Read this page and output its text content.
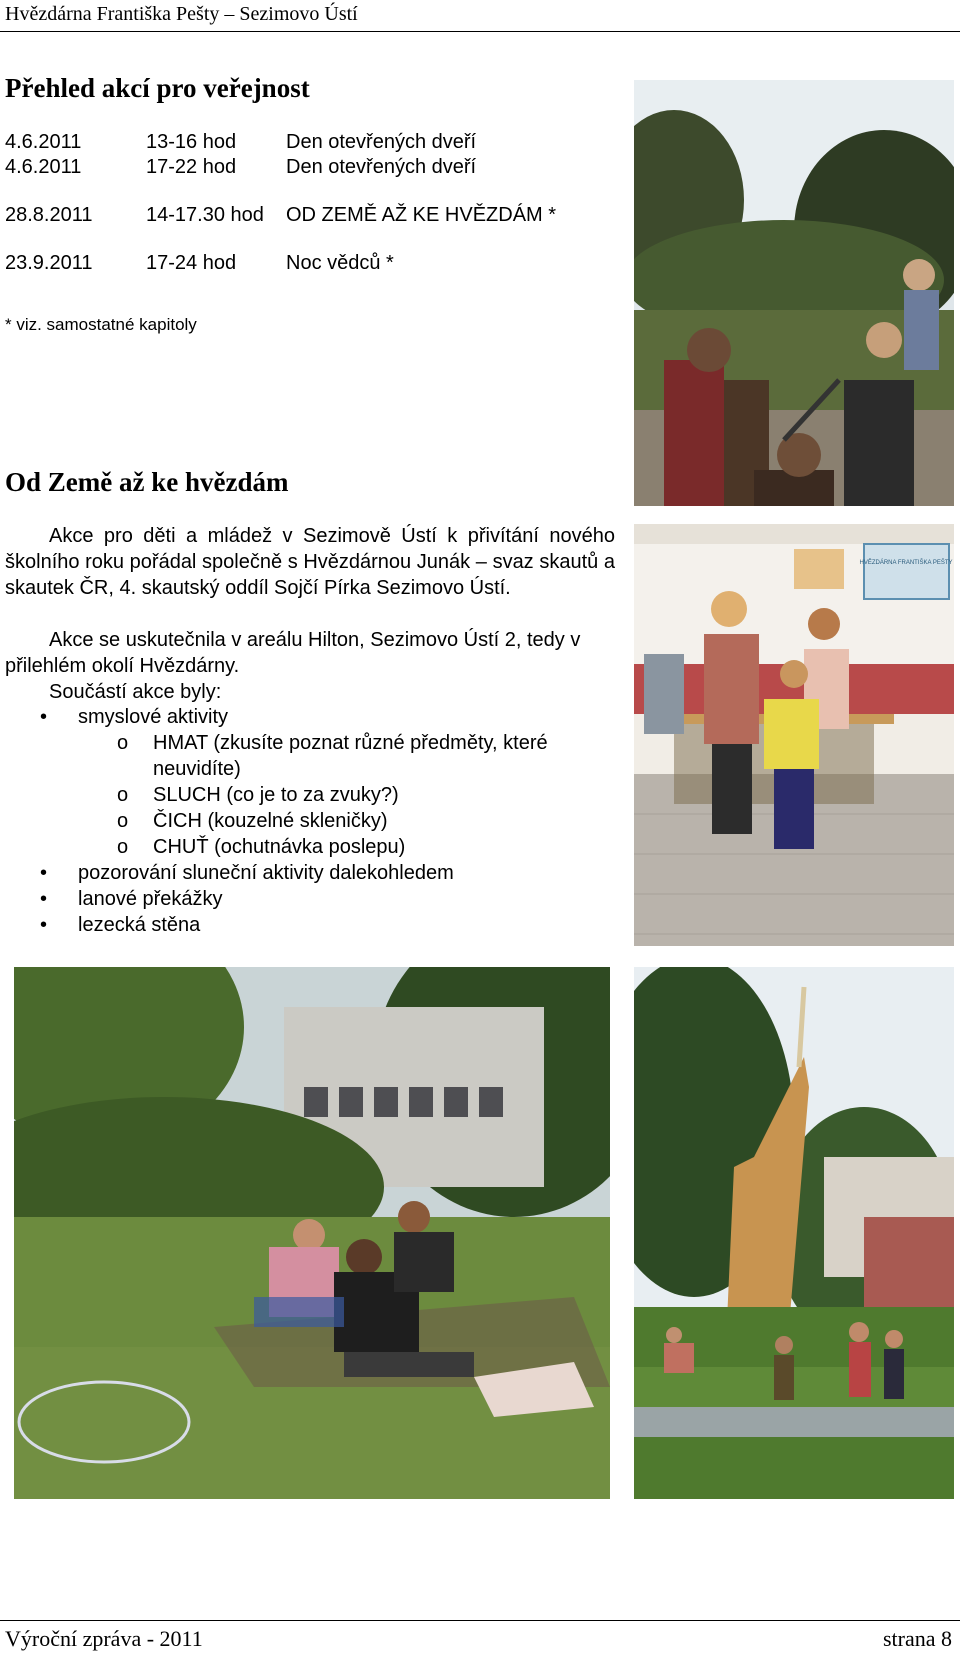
Hvězdárna Františka Pešty – Sezimovo Ústí
Přehled akcí pro veřejnost
4.6.2011	13-16 hod Den otevřených dveří
4.6.2011	17-22 hod Den otevřených dveří
28.8.2011	14-17.30 hod OD ZEMĚ AŽ KE HVĚZDÁM *
23.9.2011	17-24 hod Noc vědců *
* viz. samostatné kapitoly
Od Země až ke hvězdám
Akce pro děti a mládež v Sezimově Ústí k přivítání nového školního roku pořádal společně s Hvězdárnou Junák – svaz skautů a skautek ČR, 4. skautský oddíl Sojčí Pírka Sezimovo Ústí.
Akce se uskutečnila v areálu Hilton, Sezimovo Ústí 2, tedy v přilehlém okolí Hvězdárny.
Součástí akce byly:
• smyslové aktivity
o HMAT (zkusíte poznat různé předměty, které
neuvidíte)
o SLUCH (co je to za zvuky?)
o ČICH (kouzelné skleničky)
o CHUŤ (ochutnávka poslepu)
• pozorování sluneční aktivity dalekohledem
• lanové překážky
• lezecká stěna
HVĚZDÁRNA FRANTIŠKA PEŠTY
Výroční zpráva - 2011	strana 8
